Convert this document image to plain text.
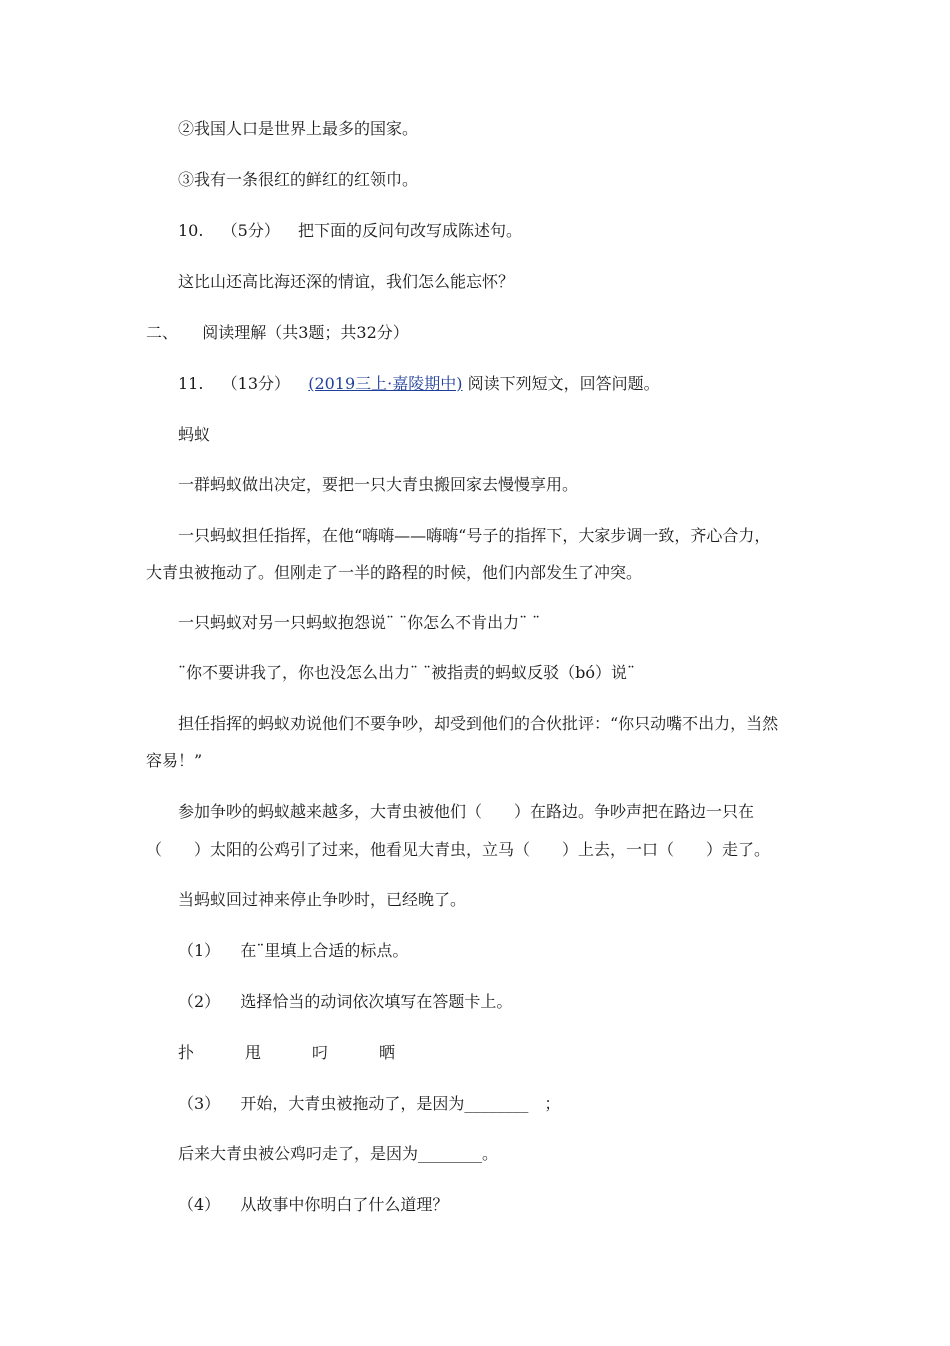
②我国人口是世界上最多的国家。
③我有一条很红的鲜红的红领巾。
10. （5分） 把下面的反问句改写成陈述句。
这比山还高比海还深的情谊，我们怎么能忘怀？
二、 阅读理解（共3题；共32分）
11. （13分） (2019三上·嘉陵期中) 阅读下列短文，回答问题。
蚂蚁
一群蚂蚁做出决定，要把一只大青虫搬回家去慢慢享用。
一只蚂蚁担任指挥，在他“嗨嗨——嗨嗨“号子的指挥下，大家步调一致，齐心合力，
大青虫被拖动了。但刚走了一半的路程的时候，他们内部发生了冲突。
一只蚂蚁对另一只蚂蚁抱怨说¨ ¨你怎么不肯出力¨ ¨
¨你不要讲我了，你也没怎么出力¨ ¨被指责的蚂蚁反驳（bó）说¨
担任指挥的蚂蚁劝说他们不要争吵，却受到他们的合伙批评：“你只动嘴不出力，当然
容易！”
参加争吵的蚂蚁越来越多，大青虫被他们（　　）在路边。争吵声把在路边一只在
（　　）太阳的公鸡引了过来，他看见大青虫，立马（　　）上去，一口（　　）走了。
当蚂蚁回过神来停止争吵时，已经晚了。
（1） 在¨里填上合适的标点。
（2） 选择恰当的动词依次填写在答题卡上。
扑	甩	叼	晒
（3） 开始，大青虫被拖动了，是因为________　；
后来大青虫被公鸡叼走了，是因为________。
（4） 从故事中你明白了什么道理？
